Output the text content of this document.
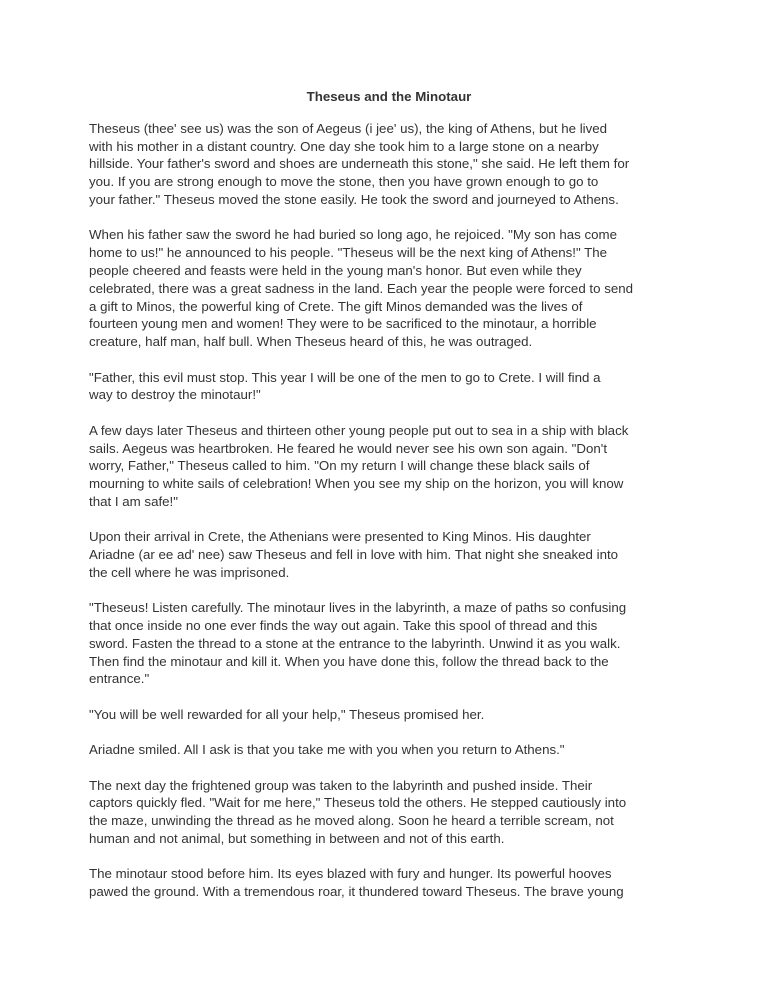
Theseus and the Minotaur
Theseus (thee' see us) was the son of Aegeus (i jee' us), the king of Athens, but he lived
with his mother in a distant country. One day she took him to a large stone on a nearby
hillside. Your father's sword and shoes are underneath this stone," she said. He left them for
you. If you are strong enough to move the stone, then you have grown enough to go to
your father." Theseus moved the stone easily. He took the sword and journeyed to Athens.
When his father saw the sword he had buried so long ago, he rejoiced. "My son has come
home to us!" he announced to his people. "Theseus will be the next king of Athens!" The
people cheered and feasts were held in the young man's honor. But even while they
celebrated, there was a great sadness in the land. Each year the people were forced to send
a gift to Minos, the powerful king of Crete. The gift Minos demanded was the lives of
fourteen young men and women! They were to be sacrificed to the minotaur, a horrible
creature, half man, half bull. When Theseus heard of this, he was outraged.
"Father, this evil must stop. This year I will be one of the men to go to Crete. I will find a
way to destroy the minotaur!"
A few days later Theseus and thirteen other young people put out to sea in a ship with black
sails. Aegeus was heartbroken. He feared he would never see his own son again. "Don't
worry, Father," Theseus called to him. "On my return I will change these black sails of
mourning to white sails of celebration! When you see my ship on the horizon, you will know
that I am safe!"
Upon their arrival in Crete, the Athenians were presented to King Minos. His daughter
Ariadne (ar ee ad' nee) saw Theseus and fell in love with him. That night she sneaked into
the cell where he was imprisoned.
"Theseus! Listen carefully. The minotaur lives in the labyrinth, a maze of paths so confusing
that once inside no one ever finds the way out again. Take this spool of thread and this
sword. Fasten the thread to a stone at the entrance to the labyrinth. Unwind it as you walk.
Then find the minotaur and kill it. When you have done this, follow the thread back to the
entrance."
"You will be well rewarded for all your help," Theseus promised her.
Ariadne smiled. All I ask is that you take me with you when you return to Athens."
The next day the frightened group was taken to the labyrinth and pushed inside. Their
captors quickly fled. "Wait for me here," Theseus told the others. He stepped cautiously into
the maze, unwinding the thread as he moved along. Soon he heard a terrible scream, not
human and not animal, but something in between and not of this earth.
The minotaur stood before him. Its eyes blazed with fury and hunger. Its powerful hooves
pawed the ground. With a tremendous roar, it thundered toward Theseus. The brave young
